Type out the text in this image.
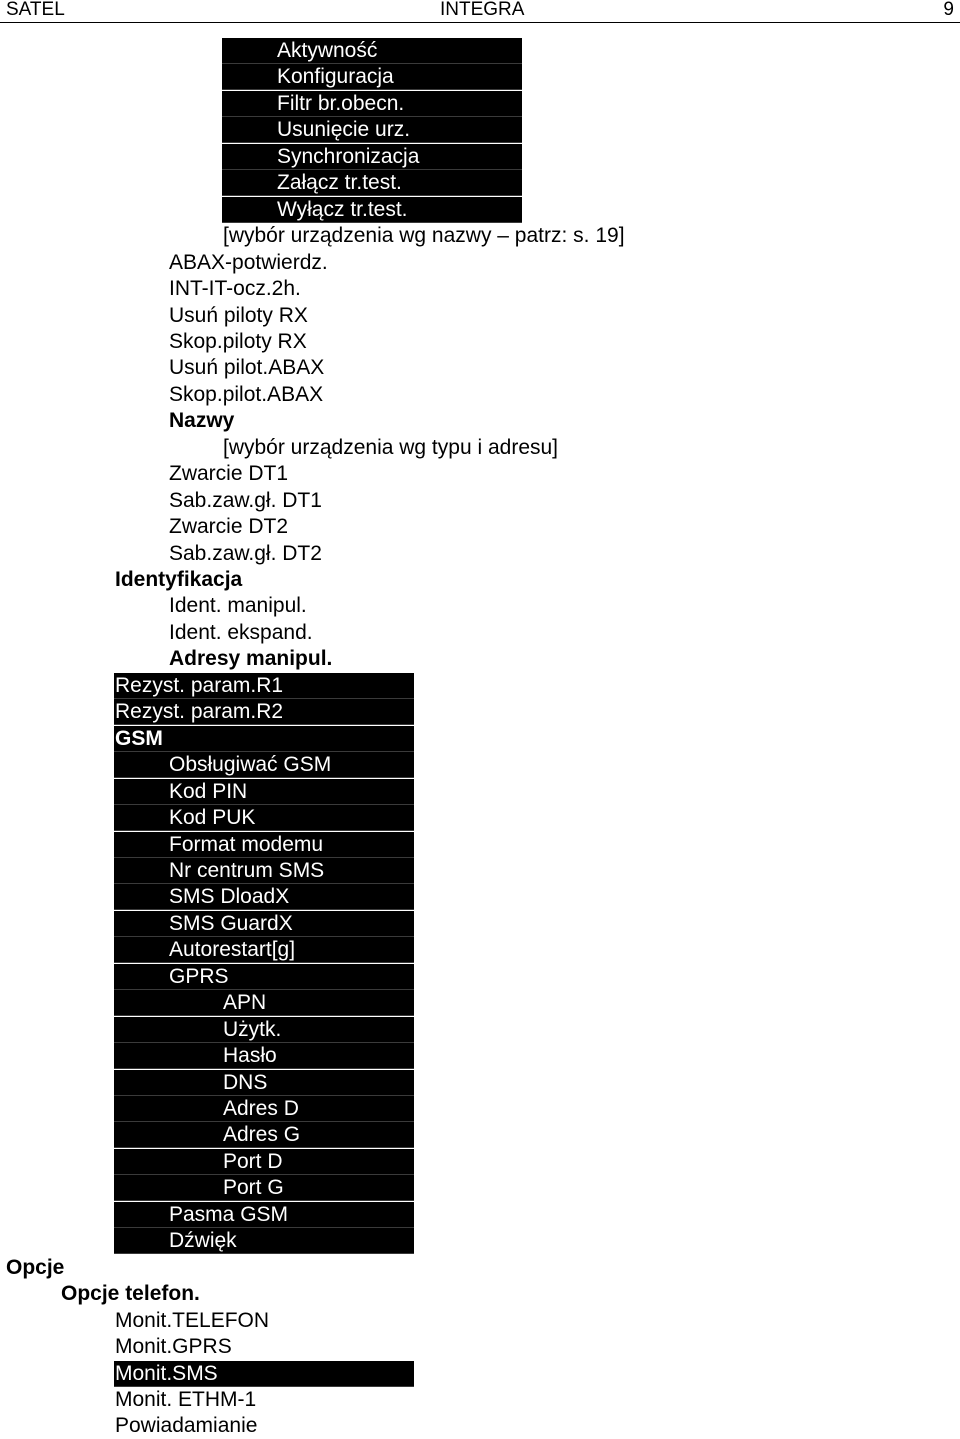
SATEL	INTEGRA	9
Aktywność
Konfiguracja
Filtr br.obecn.
Usunięcie urz.
Synchronizacja
Załącz tr.test.
Wyłącz tr.test.
[wybór urządzenia wg nazwy – patrz: s. 19]
ABAX-potwierdz.
INT-IT-ocz.2h.
Usuń piloty RX
Skop.piloty RX
Usuń pilot.ABAX
Skop.pilot.ABAX
Nazwy
[wybór urządzenia wg typu i adresu]
Zwarcie DT1
Sab.zaw.gł. DT1
Zwarcie DT2
Sab.zaw.gł. DT2
Identyfikacja
Ident. manipul.
Ident. ekspand.
Adresy manipul.
Rezyst. param.R1
Rezyst. param.R2
GSM
Obsługiwać GSM
Kod PIN
Kod PUK
Format modemu
Nr centrum SMS
SMS DloadX
SMS GuardX
Autorestart[g]
GPRS
APN
Użytk.
Hasło
DNS
Adres D
Adres G
Port D
Port G
Pasma GSM
Dźwięk
Opcje
Opcje telefon.
Monit.TELEFON
Monit.GPRS
Monit.SMS
Monit. ETHM-1
Powiadamianie
